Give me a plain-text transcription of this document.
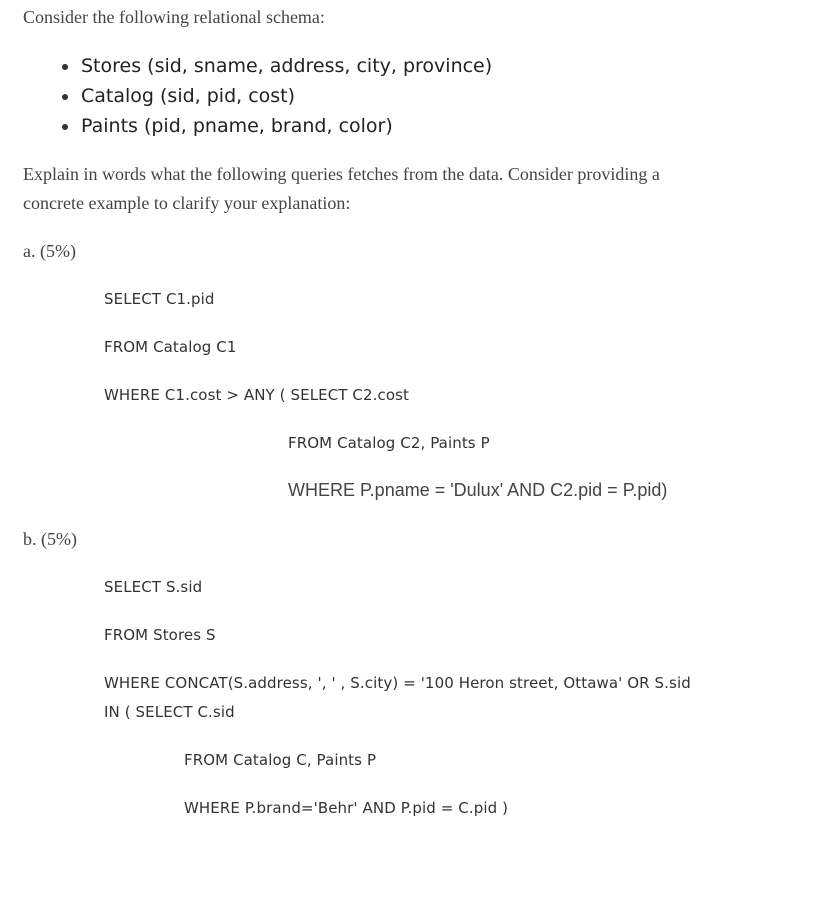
Consider the following relational schema:
Stores (sid, sname, address, city, province)
Catalog (sid, pid, cost)
Paints (pid, pname, brand, color)
Explain in words what the following queries fetches from the data. Consider providing a
concrete example to clarify your explanation:
a. (5%)
SELECT C1.pid
FROM Catalog C1
WHERE C1.cost > ANY ( SELECT C2.cost
FROM Catalog C2, Paints P
WHERE P.pname = 'Dulux' AND C2.pid = P.pid)
b. (5%)
SELECT S.sid
FROM Stores S
WHERE CONCAT(S.address, ', ' , S.city) = '100 Heron street, Ottawa' OR S.sid
IN ( SELECT C.sid
FROM Catalog C, Paints P
WHERE P.brand='Behr' AND P.pid = C.pid )
